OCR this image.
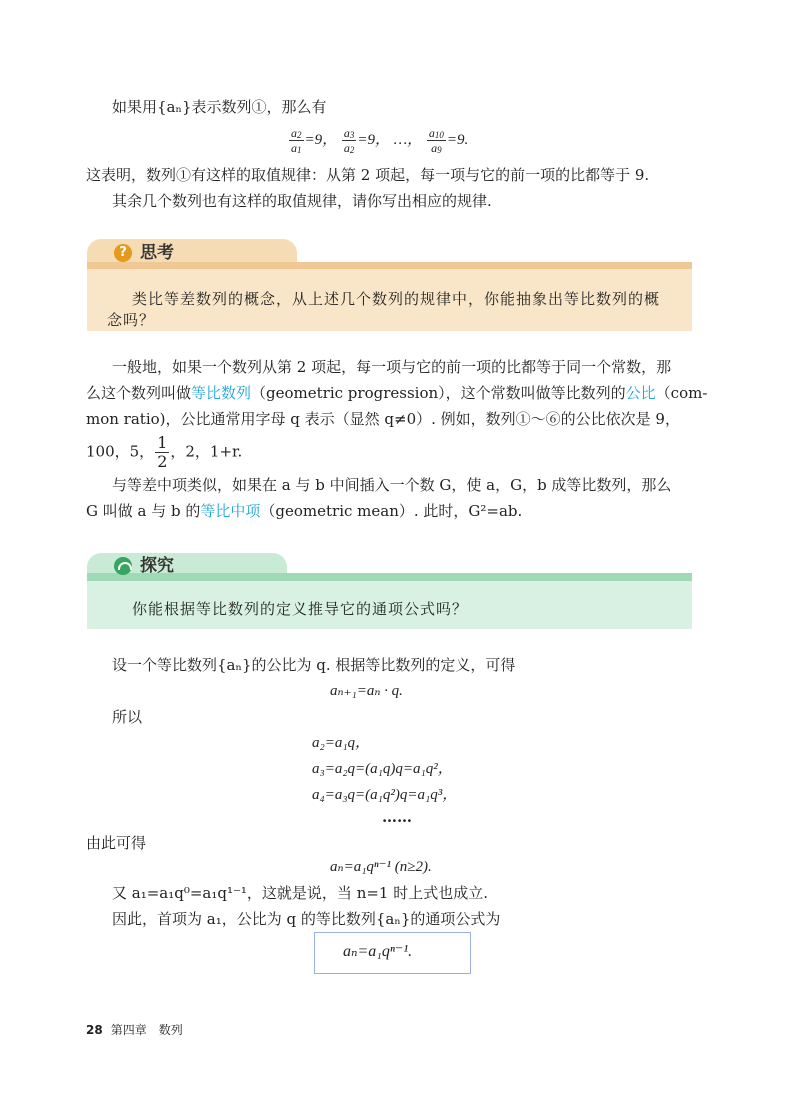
如果用{aₙ}表示数列①，那么有
$\frac{a_2}{a_1} =9$， $\frac{a_3}{a_2} =9$， …， $\frac{a_{10}}{a_9} =9$.
这表明，数列①有这样的取值规律：从第 2 项起，每一项与它的前一项的比都等于 9.
其余几个数列也有这样的取值规律，请你写出相应的规律.
? 思考
类比等差数列的概念，从上述几个数列的规律中，你能抽象出等比数列的概
念吗？
一般地，如果一个数列从第 2 项起，每一项与它的前一项的比都等于同一个常数，那
么这个数列叫做等比数列（geometric progression），这个常数叫做等比数列的公比（com-
mon ratio)，公比通常用字母 q 表示（显然 q≠0）. 例如，数列①～⑥的公比依次是 9，
100，5， $\frac{1}{2}$ ，2，1+r.
与等差中项类似，如果在 a 与 b 中间插入一个数 G，使 a，G，b 成等比数列，那么
G 叫做 a 与 b 的等比中项（geometric mean）. 此时，G²=ab.
探究
你能根据等比数列的定义推导它的通项公式吗？
设一个等比数列{aₙ}的公比为 q. 根据等比数列的定义，可得
aₙ₊₁=aₙ · q.
所以
a₂=a₁q，
a₃=a₂q=(a₁q)q=a₁q²，
a₄=a₃q=(a₁q²)q=a₁q³，
……
由此可得
aₙ=a₁qⁿ⁻¹ (n≥2).
又 a₁=a₁q⁰=a₁q¹⁻¹，这就是说，当 n=1 时上式也成立.
因此，首项为 a₁，公比为 q 的等比数列{aₙ}的通项公式为
aₙ=a₁qⁿ⁻¹.
28 第四章　数列
